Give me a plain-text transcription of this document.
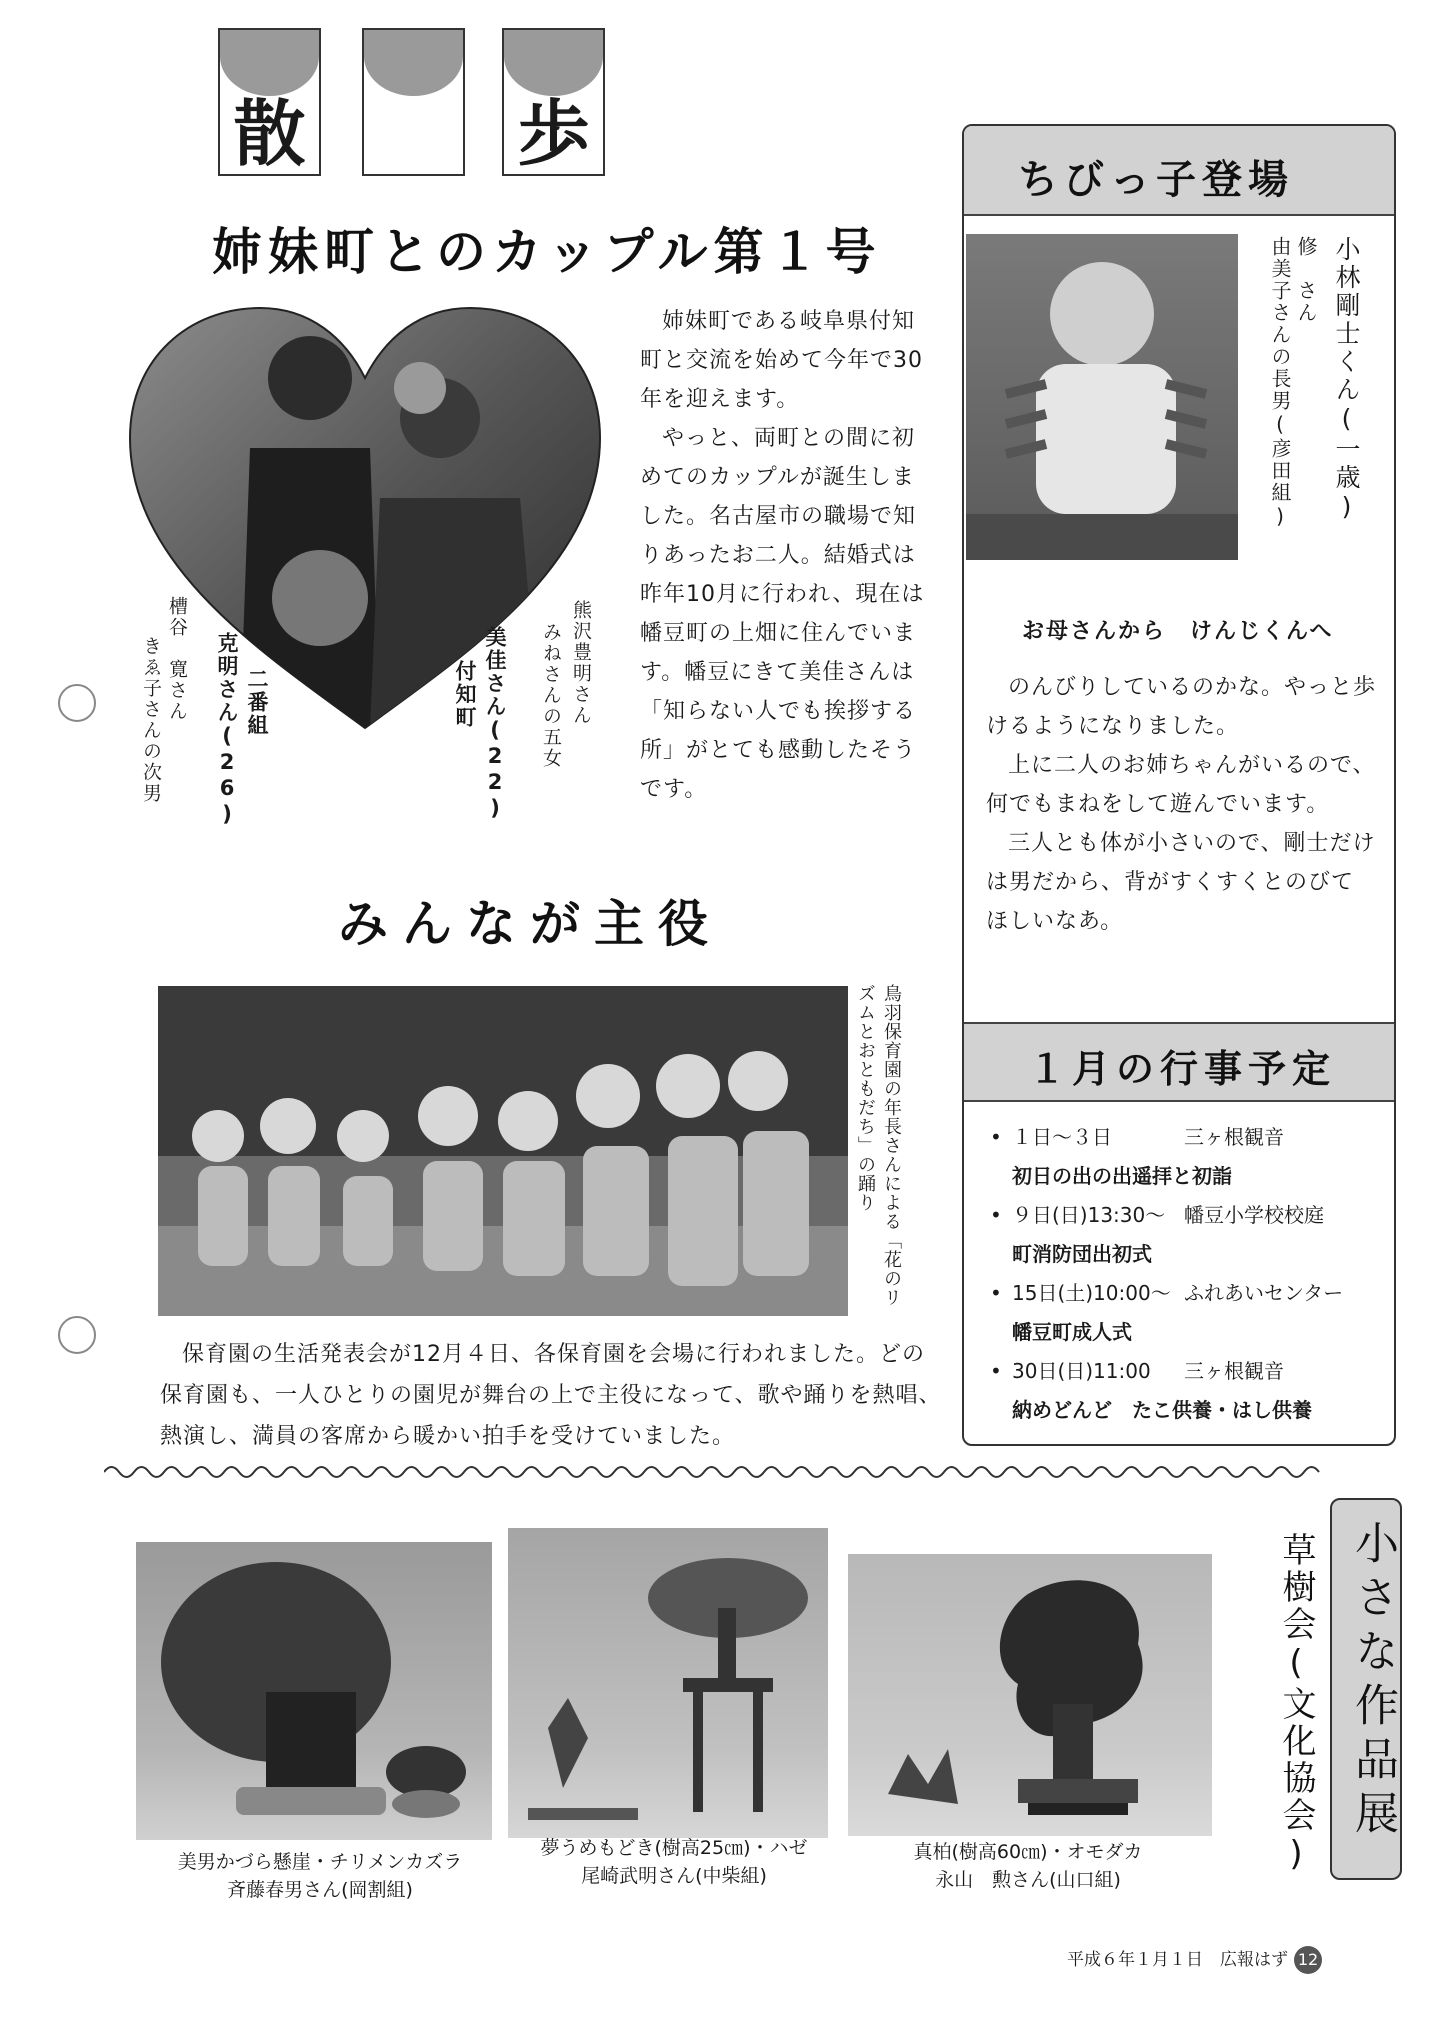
散	歩
姉妹町とのカップル第１号
槽谷　寛さん
きゑ子さんの次男	克明さん(26) 二番組	付知町 美佳さん(22) みねさんの五女 熊沢豊明さん

姉妹町である岐阜県付知町と交流を始めて今年で30年を迎えます。

やっと、両町との間に初めてのカップルが誕生しました。名古屋市の職場で知りあったお二人。結婚式は昨年10月に行われ、現在は幡豆町の上畑に住んでいます。幡豆にきて美佳さんは「知らない人でも挨拶する所」がとても感動したそうです。

みんなが主役
鳥羽保育園の年長さんによる「花のリズムとおともだち」の踊り

保育園の生活発表会が12月４日、各保育園を会場に行われました。どの保育園も、一人ひとりの園児が舞台の上で主役になって、歌や踊りを熱唱、熱演し、満員の客席から暖かい拍手を受けていました。

ちびっ子登場
小林剛士くん(一歳)
修　さん
由美子さんの長男(彦田組)
お母さんから　けんじくんへ

のんびりしているのかな。やっと歩けるようになりました。

上に二人のお姉ちゃんがいるので、何でもまねをして遊んでいます。

三人とも体が小さいので、剛士だけは男だから、背がすくすくとのびてほしいなあ。

１月の行事予定
• １日〜３日	三ヶ根観音
初日の出の出遥拝と初詣
• ９日(日)13:30〜 幡豆小学校校庭
町消防団出初式
• 15日(土)10:00〜 ふれあいセンター
幡豆町成人式
• 30日(日)11:00 三ヶ根観音
納めどんど　たこ供養・はし供養
美男かづら懸崖・チリメンカズラ
斉藤春男さん(岡割組)
夢うめもどき(樹高25㎝)・ハゼ
尾崎武明さん(中柴組)
真柏(樹高60㎝)・オモダカ
永山　勲さん(山口組)
小さな作品展
草樹会(文化協会)
平成６年１月１日　広報はず 12
